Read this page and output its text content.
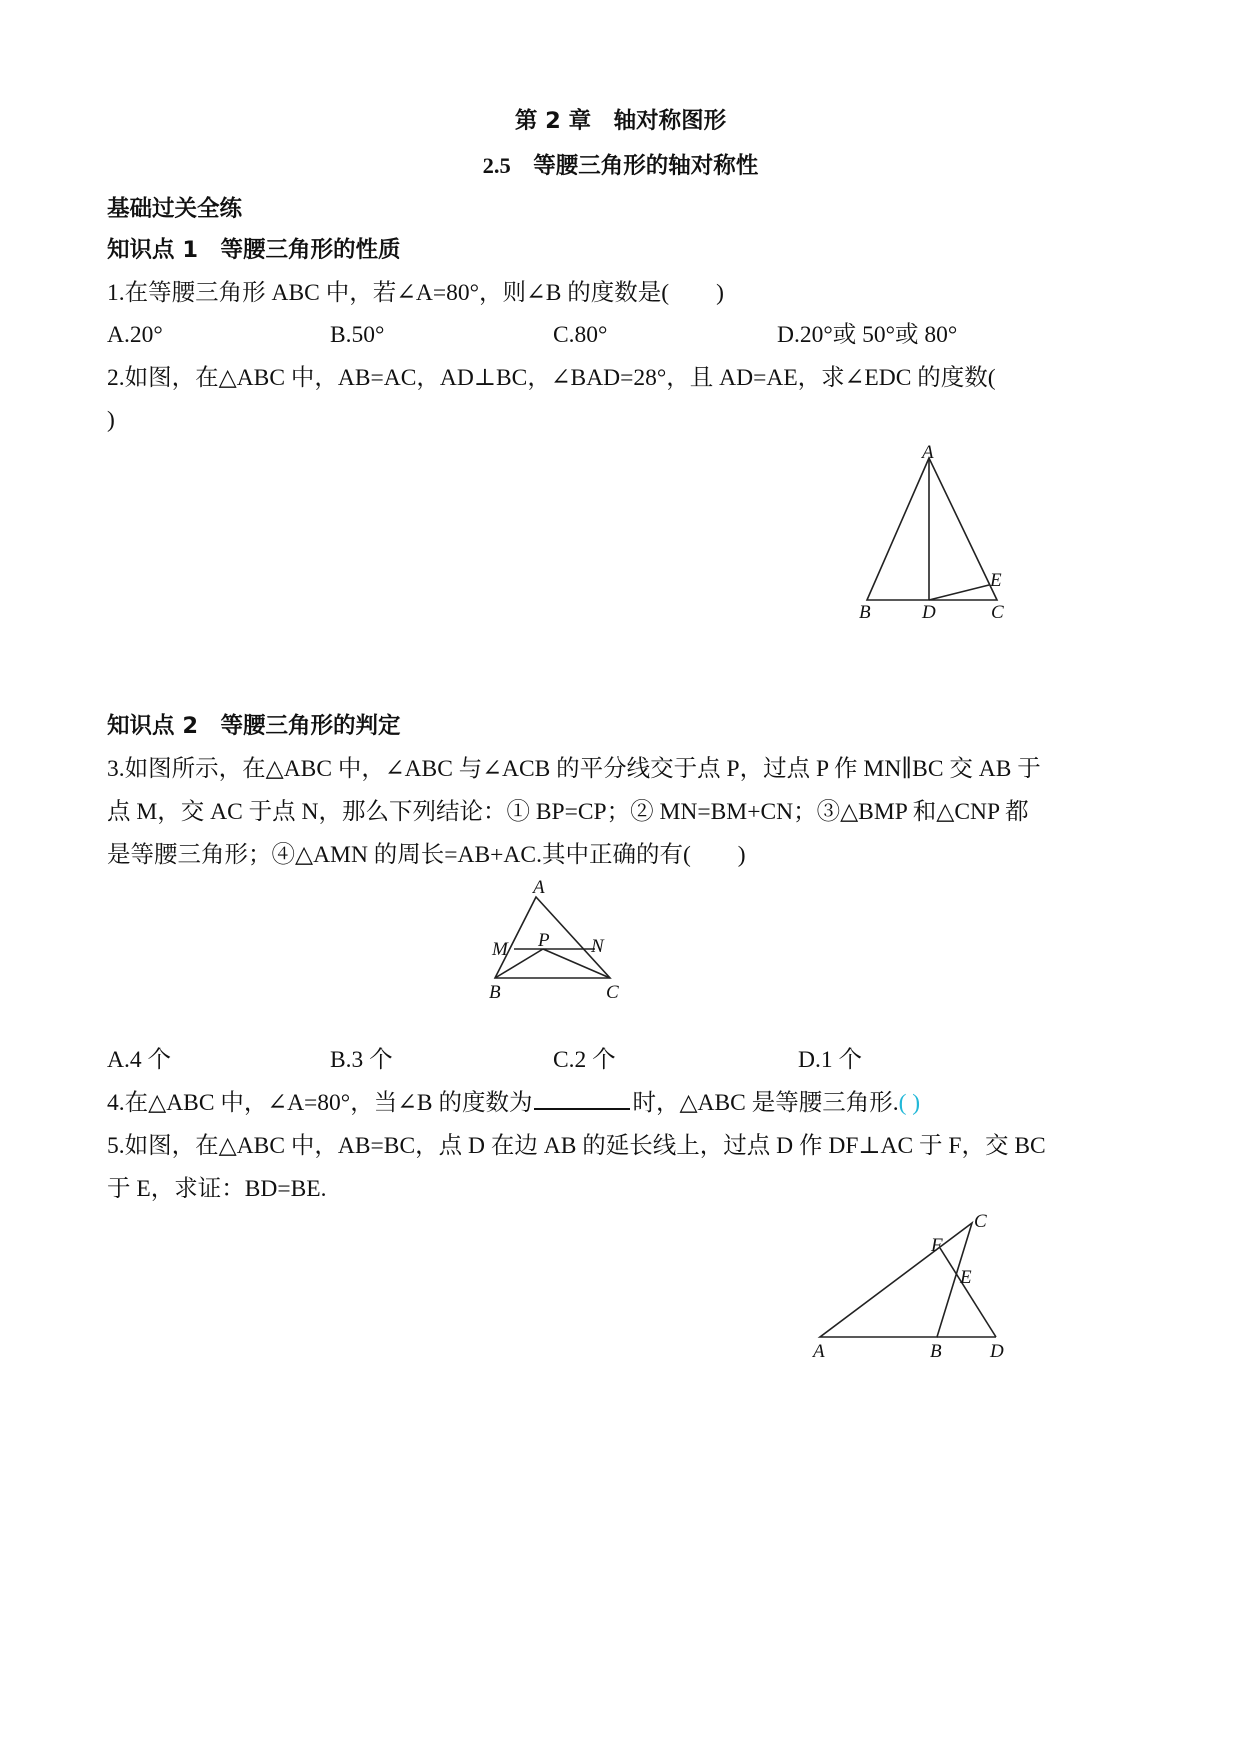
第 2 章　轴对称图形
2.5　等腰三角形的轴对称性
基础过关全练
知识点 1　等腰三角形的性质
1.在等腰三角形 ABC 中，若∠A=80°，则∠B 的度数是(　　)
A.20°	B.50°	C.80°	D.20°或 50°或 80°
2.如图，在△ABC 中，AB=AC，AD⊥BC，∠BAD=28°，且 AD=AE，求∠EDC 的度数(
)
A
B	D
E
C
知识点 2　等腰三角形的判定
3.如图所示，在△ABC 中，∠ABC 与∠ACB 的平分线交于点 P，过点 P 作 MN∥BC 交 AB 于
点 M，交 AC 于点 N，那么下列结论：① BP=CP；② MN=BM+CN；③△BMP 和△CNP 都
是等腰三角形；④△AMN 的周长=AB+AC.其中正确的有(　　)
A
M P N
B	C
A.4 个	B.3 个	C.2 个	D.1 个
4.在△ABC 中，∠A=80°，当∠B 的度数为	时，△ABC 是等腰三角形.( )
5.如图，在△ABC 中，AB=BC，点 D 在边 AB 的延长线上，过点 D 作 DF⊥AC 于 F，交 BC
于 E，求证：BD=BE.
C
F
E
A	B	D
